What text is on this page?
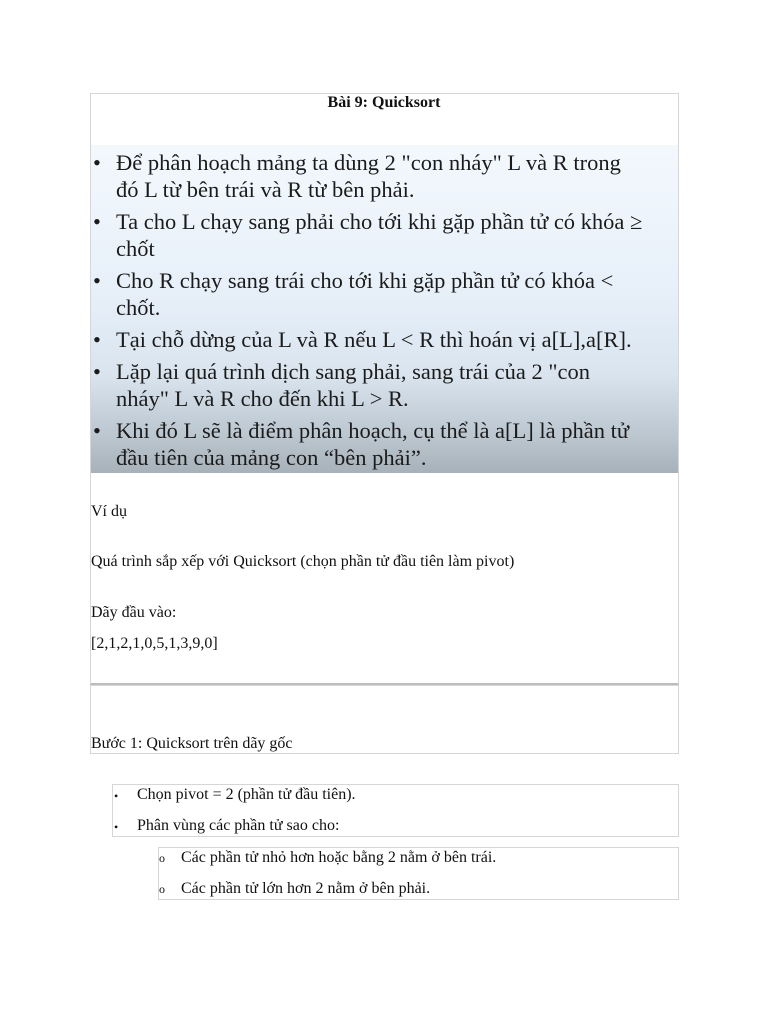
Bài 9: Quicksort
• Để phân hoạch mảng ta dùng 2 "con nháy" L và R trong
đó L từ bên trái và R từ bên phải.
• Ta cho L chạy sang phải cho tới khi gặp phần tử có khóa ≥
chốt
• Cho R chạy sang trái cho tới khi gặp phần tử có khóa <
chốt.
• Tại chỗ dừng của L và R nếu L < R thì hoán vị a[L],a[R].
• Lặp lại quá trình dịch sang phải, sang trái của 2 "con
nháy" L và R cho đến khi L > R.
• Khi đó L sẽ là điểm phân hoạch, cụ thể là a[L] là phần tử
đầu tiên của mảng con “bên phải”.
Ví dụ
Quá trình sắp xếp với Quicksort (chọn phần tử đầu tiên làm pivot)
Dãy đầu vào:
[2,1,2,1,0,5,1,3,9,0]
Bước 1: Quicksort trên dãy gốc
• Chọn pivot = 2 (phần tử đầu tiên).
• Phân vùng các phần tử sao cho:
o Các phần tử nhỏ hơn hoặc bằng 2 nằm ở bên trái.
o Các phần tử lớn hơn 2 nằm ở bên phải.
